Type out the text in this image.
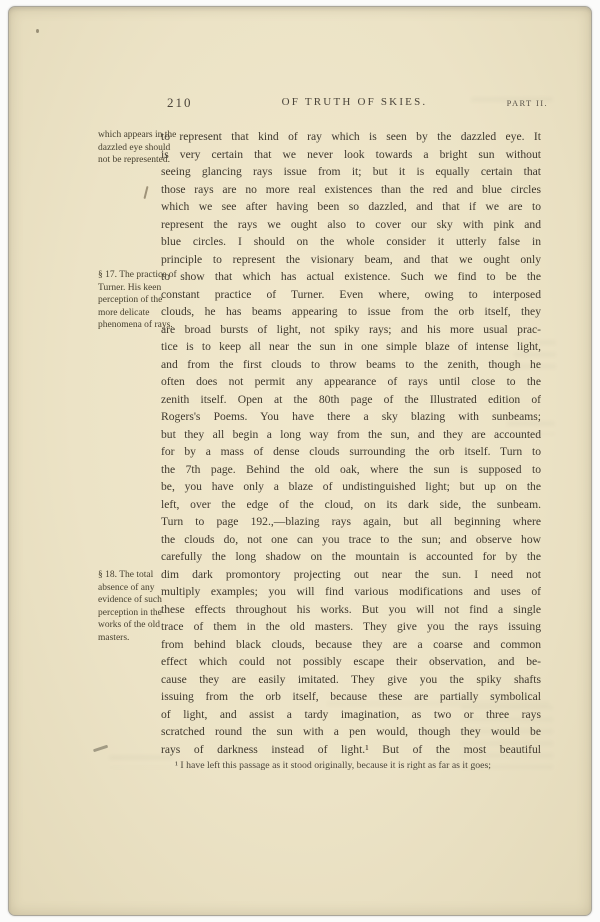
210	OF TRUTH OF SKIES.	PART II.
which appears in the dazzled eye should not be represented.
§ 17. The practice of Turner. His keen perception of the more delicate phenomena of rays.
§ 18. The total absence of any evidence of such perception in the works of the old masters.
to represent that kind of ray which is seen by the dazzled eye. It
is very certain that we never look towards a bright sun without
seeing glancing rays issue from it; but it is equally certain that
those rays are no more real existences than the red and blue circles
which we see after having been so dazzled, and that if we are to
represent the rays we ought also to cover our sky with pink and
blue circles. I should on the whole consider it utterly false in
principle to represent the visionary beam, and that we ought only
to show that which has actual existence. Such we find to be the
constant practice of Turner. Even where, owing to interposed
clouds, he has beams appearing to issue from the orb itself, they
are broad bursts of light, not spiky rays; and his more usual prac-
tice is to keep all near the sun in one simple blaze of intense light,
and from the first clouds to throw beams to the zenith, though he
often does not permit any appearance of rays until close to the
zenith itself. Open at the 80th page of the Illustrated edition of
Rogers's Poems. You have there a sky blazing with sunbeams;
but they all begin a long way from the sun, and they are accounted
for by a mass of dense clouds surrounding the orb itself. Turn to
the 7th page. Behind the old oak, where the sun is supposed to
be, you have only a blaze of undistinguished light; but up on the
left, over the edge of the cloud, on its dark side, the sunbeam.
Turn to page 192.,—blazing rays again, but all beginning where
the clouds do, not one can you trace to the sun; and observe how
carefully the long shadow on the mountain is accounted for by the
dim dark promontory projecting out near the sun. I need not
multiply examples; you will find various modifications and uses of
these effects throughout his works. But you will not find a single
trace of them in the old masters. They give you the rays issuing
from behind black clouds, because they are a coarse and common
effect which could not possibly escape their observation, and be-
cause they are easily imitated. They give you the spiky shafts
issuing from the orb itself, because these are partially symbolical
of light, and assist a tardy imagination, as two or three rays
scratched round the sun with a pen would, though they would be
rays of darkness instead of light.¹ But of the most beautiful
¹ I have left this passage as it stood originally, because it is right as far as it goes;
